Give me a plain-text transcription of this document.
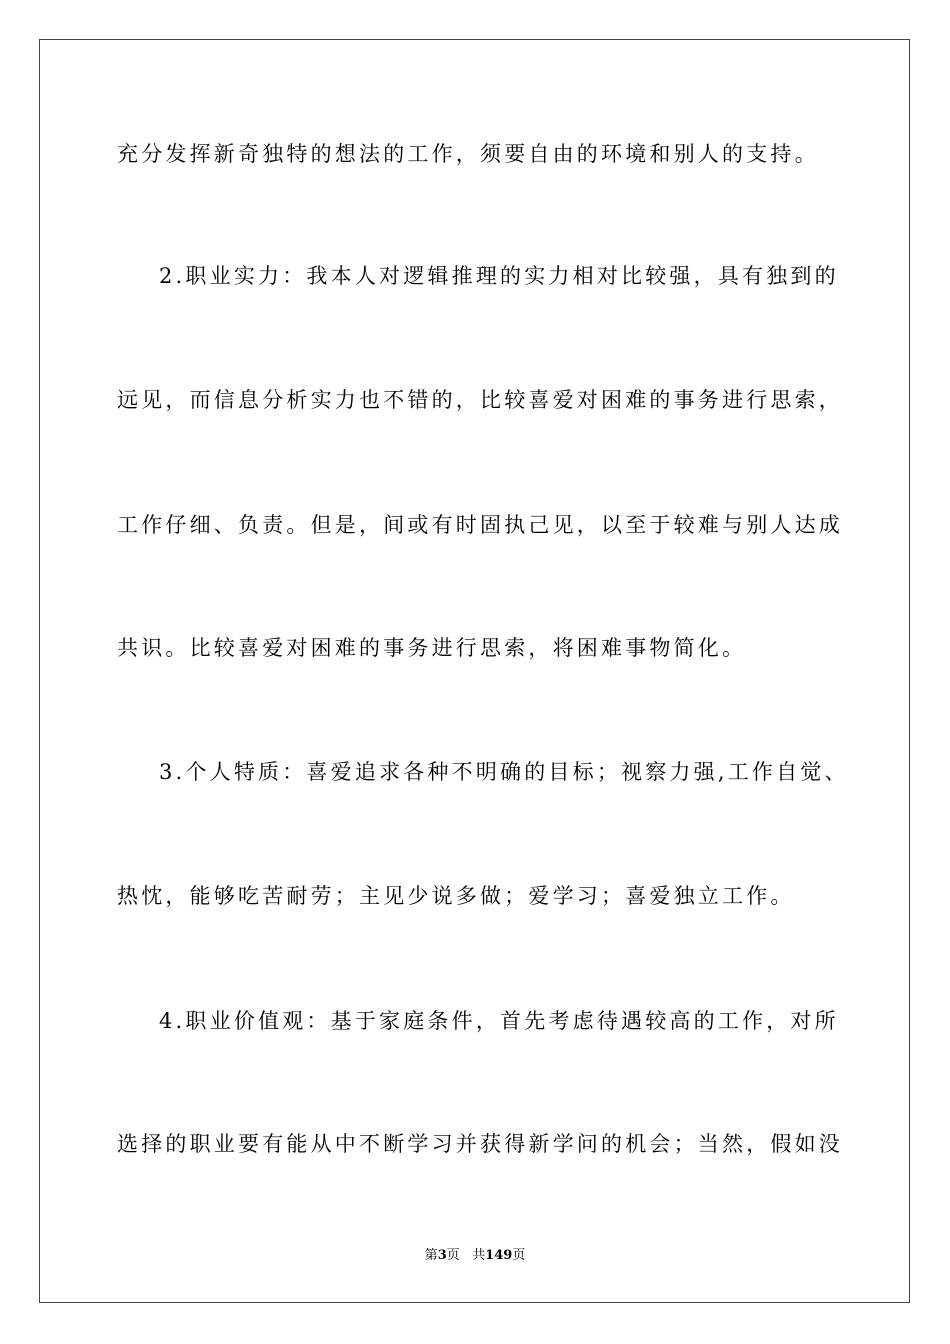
充分发挥新奇独特的想法的工作，须要自由的环境和别人的支持。
2.职业实力：我本人对逻辑推理的实力相对比较强，具有独到的
远见，而信息分析实力也不错的，比较喜爱对困难的事务进行思索，
工作仔细、负责。但是，间或有时固执己见，以至于较难与别人达成
共识。比较喜爱对困难的事务进行思索，将困难事物简化。
3.个人特质：喜爱追求各种不明确的目标；视察力强,工作自觉、
热忱，能够吃苦耐劳；主见少说多做；爱学习；喜爱独立工作。
4.职业价值观：基于家庭条件，首先考虑待遇较高的工作，对所
选择的职业要有能从中不断学习并获得新学问的机会；当然，假如没
第3页 共149页
